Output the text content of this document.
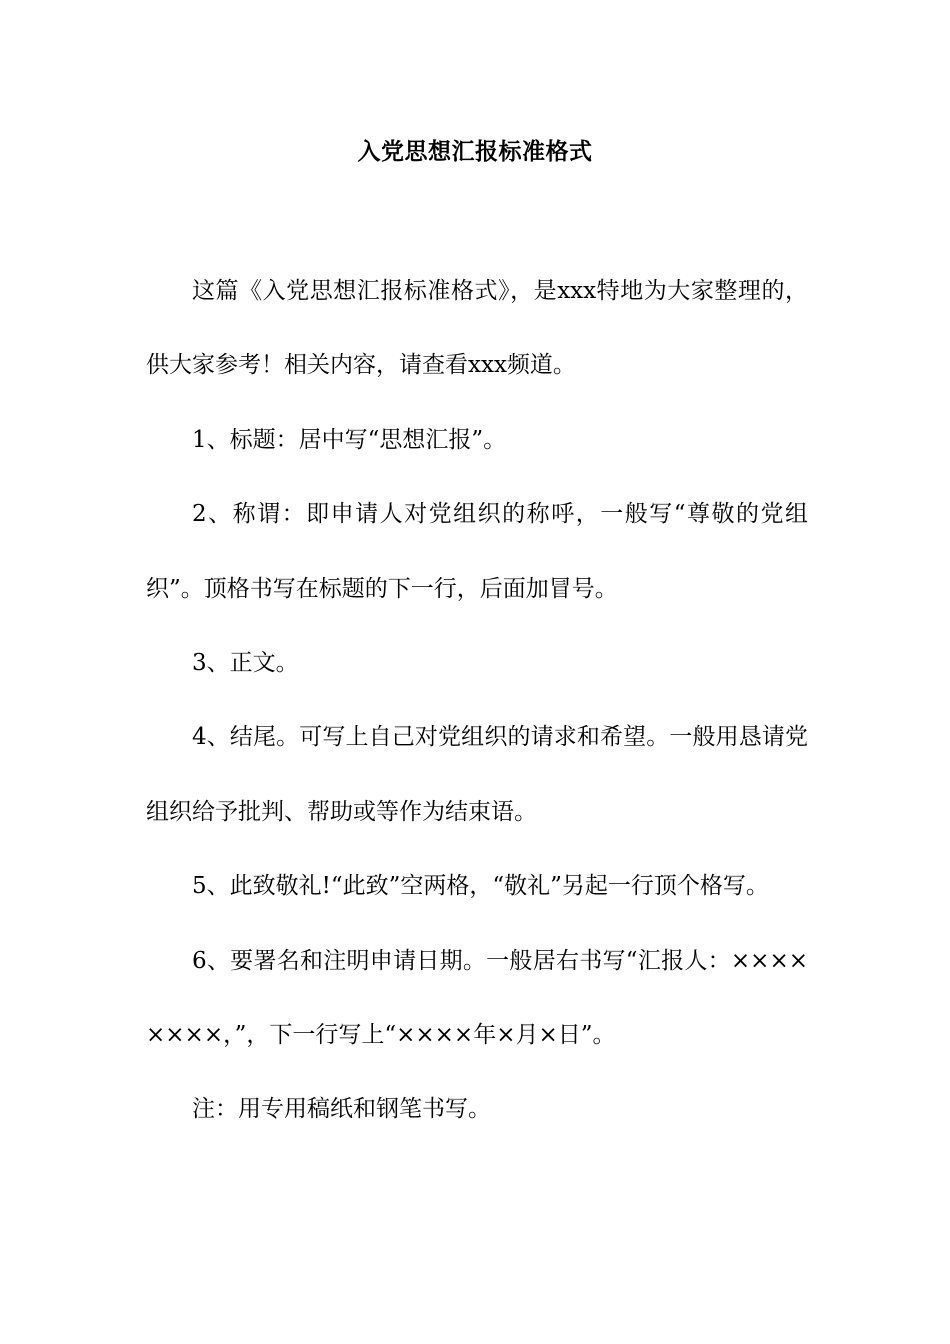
入党思想汇报标准格式

这篇《入党思想汇报标准格式》，是xxx特地为大家整理的，供大家参考！相关内容，请查看xxx频道。

1、标题：居中写“思想汇报”。

2、称谓：即申请人对党组织的称呼，一般写“尊敬的党组织”。顶格书写在标题的下一行，后面加冒号。

3、正文。

4、结尾。可写上自己对党组织的请求和希望。一般用恳请党组织给予批判、帮助或等作为结束语。

5、此致敬礼!“此致”空两格，“敬礼”另起一行顶个格写。

6、要署名和注明申请日期。一般居右书写“汇报人：××××××××，”，下一行写上“××××年×月×日”。

注：用专用稿纸和钢笔书写。
